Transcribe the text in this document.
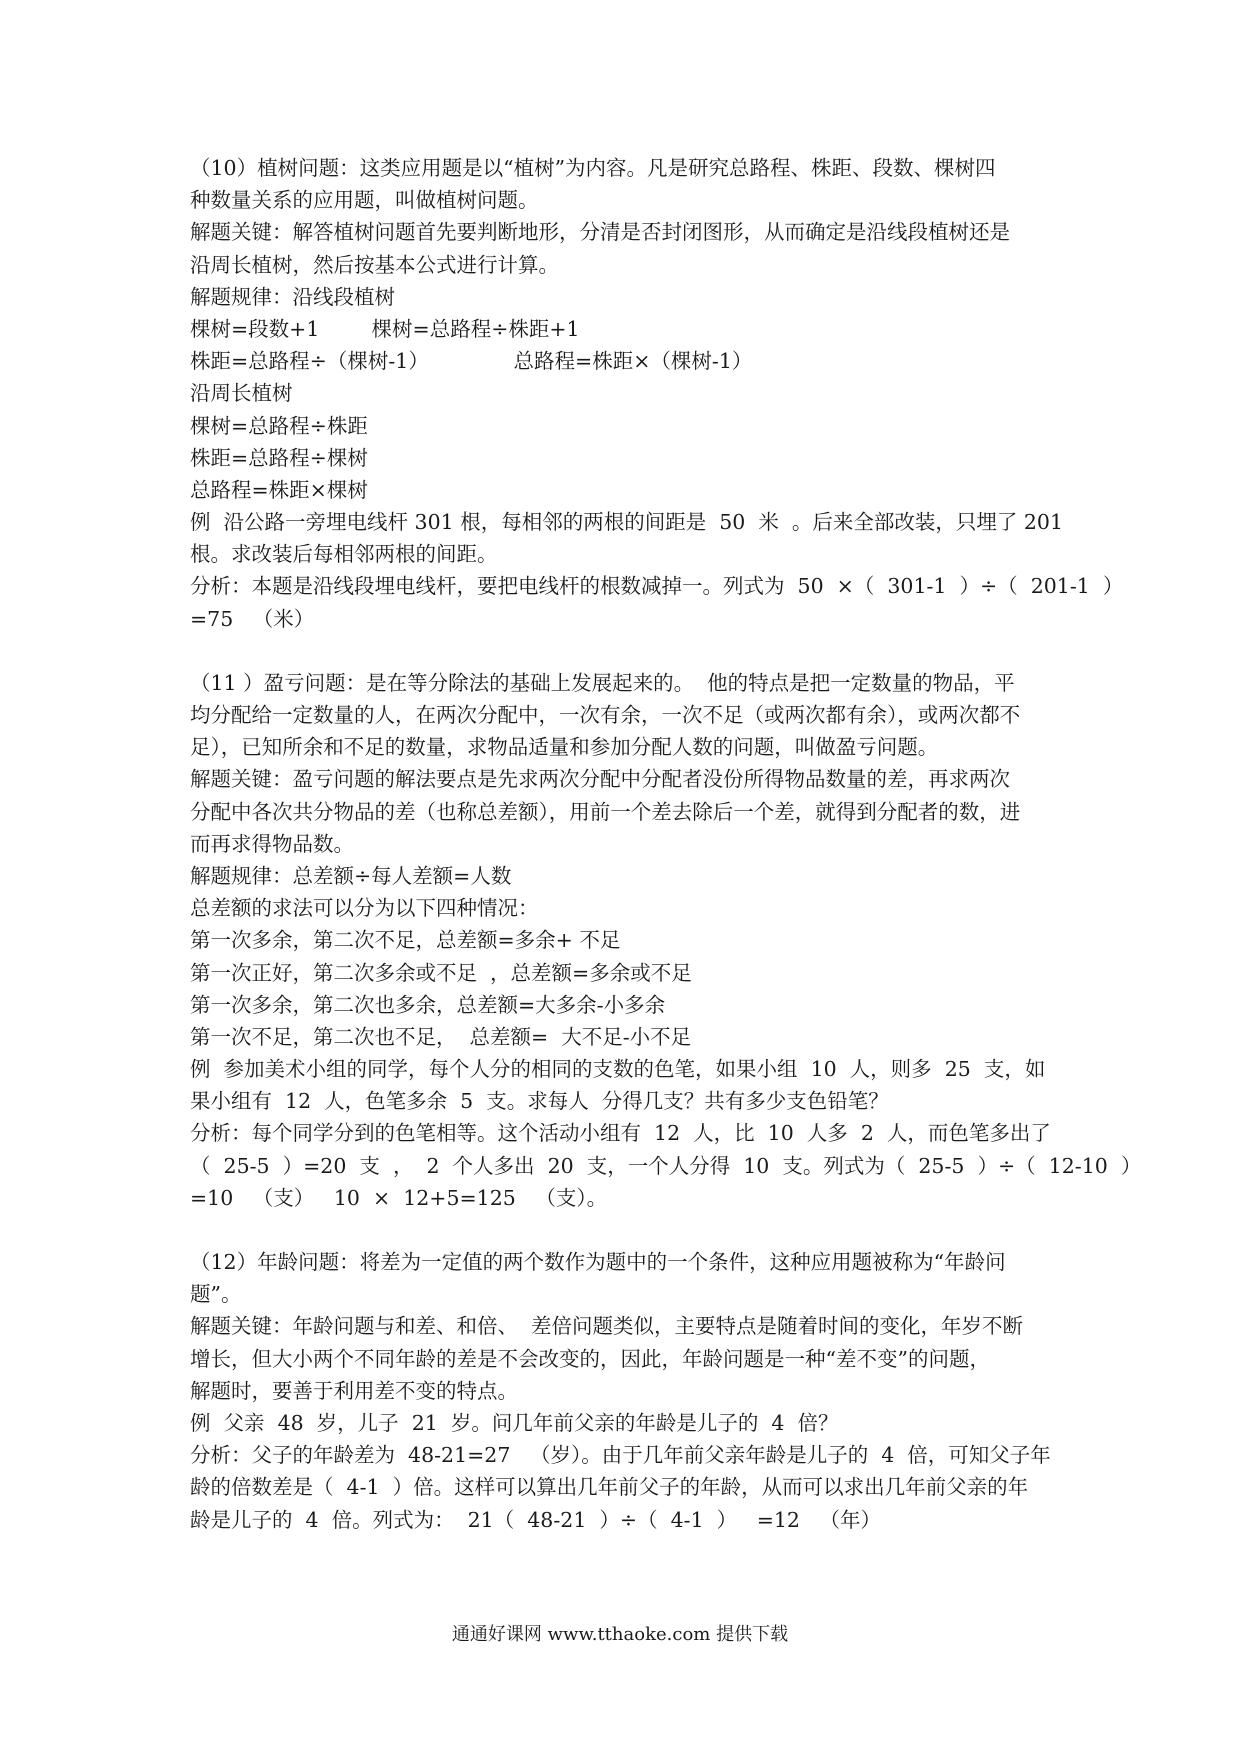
（10）植树问题：这类应用题是以“植树”为内容。凡是研究总路程、株距、段数、棵树四
种数量关系的应用题，叫做植树问题。
解题关键：解答植树问题首先要判断地形，分清是否封闭图形，从而确定是沿线段植树还是
沿周长植树，然后按基本公式进行计算。
解题规律：沿线段植树
棵树=段数+1        棵树=总路程÷株距+1
株距=总路程÷（棵树-1）             总路程=株距×（棵树-1）
沿周长植树
棵树=总路程÷株距
株距=总路程÷棵树
总路程=株距×棵树
例  沿公路一旁埋电线杆 301 根，每相邻的两根的间距是  50  米  。后来全部改装，只埋了 201
根。求改装后每相邻两根的间距。
分析：本题是沿线段埋电线杆，要把电线杆的根数减掉一。列式为  50  ×（  301-1  ）÷（  201-1  ）
=75   （米）
（11 ）盈亏问题：是在等分除法的基础上发展起来的。  他的特点是把一定数量的物品，平
均分配给一定数量的人，在两次分配中，一次有余，一次不足（或两次都有余），或两次都不
足），已知所余和不足的数量，求物品适量和参加分配人数的问题，叫做盈亏问题。
解题关键：盈亏问题的解法要点是先求两次分配中分配者没份所得物品数量的差，再求两次
分配中各次共分物品的差（也称总差额），用前一个差去除后一个差，就得到分配者的数，进
而再求得物品数。
解题规律：总差额÷每人差额=人数
总差额的求法可以分为以下四种情况：
第一次多余，第二次不足，总差额=多余+ 不足
第一次正好，第二次多余或不足  ，总差额=多余或不足
第一次多余，第二次也多余，总差额=大多余-小多余
第一次不足，第二次也不足，  总差额=  大不足-小不足
例  参加美术小组的同学，每个人分的相同的支数的色笔，如果小组  10  人，则多  25  支，如
果小组有  12  人，色笔多余  5  支。求每人  分得几支？共有多少支色铅笔？
分析：每个同学分到的色笔相等。这个活动小组有  12  人，比  10  人多  2  人，而色笔多出了
（  25-5  ）=20  支  ，  2  个人多出  20  支，一个人分得  10  支。列式为（  25-5  ）÷（  12-10  ）
=10   （支）   10  ×  12+5=125   （支）。
（12）年龄问题：将差为一定值的两个数作为题中的一个条件，这种应用题被称为“年龄问
题”。
解题关键：年龄问题与和差、和倍、  差倍问题类似，主要特点是随着时间的变化，年岁不断
增长，但大小两个不同年龄的差是不会改变的，因此，年龄问题是一种“差不变”的问题，
解题时，要善于利用差不变的特点。
例  父亲  48  岁，儿子  21  岁。问几年前父亲的年龄是儿子的  4  倍？
分析：父子的年龄差为  48-21=27   （岁）。由于几年前父亲年龄是儿子的  4  倍，可知父子年
龄的倍数差是（  4-1  ）倍。这样可以算出几年前父子的年龄，从而可以求出几年前父亲的年
龄是儿子的  4  倍。列式为：  21（  48-21  ）÷（  4-1  ）   =12   （年）
通通好课网 www.tthaoke.com 提供下载
